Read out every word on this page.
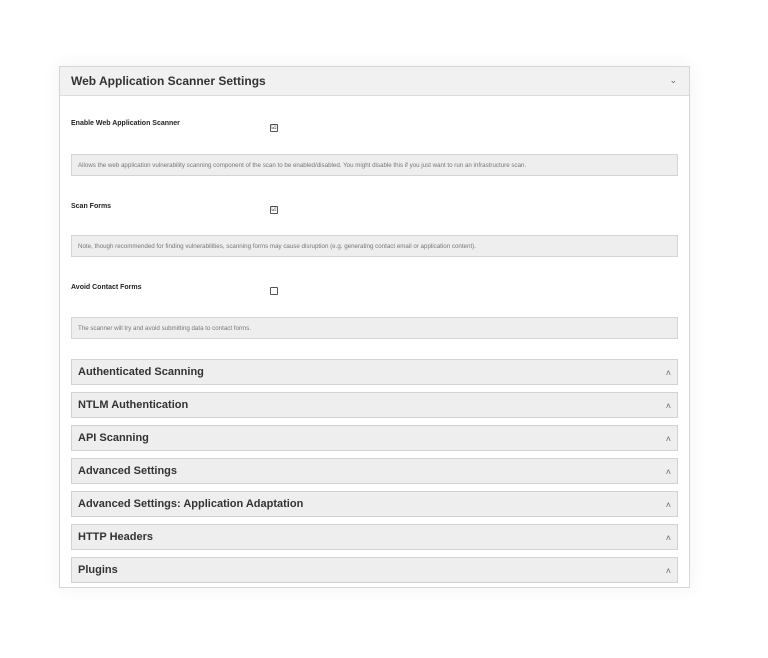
Web Application Scanner Settings	⌄
Enable Web Application Scanner
☑
Allows the web application vulnerability scanning component of the scan to be enabled/disabled. You might disable this if you just want to run an infrastructure scan.
Scan Forms	☑
Note, though recommended for finding vulnerabilities, scanning forms may cause disruption (e.g. generating contact email or application content).
Avoid Contact Forms
The scanner will try and avoid submitting data to contact forms.
Authenticated Scanning	˄
NTLM Authentication	˄
API Scanning	˄
Advanced Settings	˄
Advanced Settings: Application Adaptation	˄
HTTP Headers	˄
Plugins	˄
